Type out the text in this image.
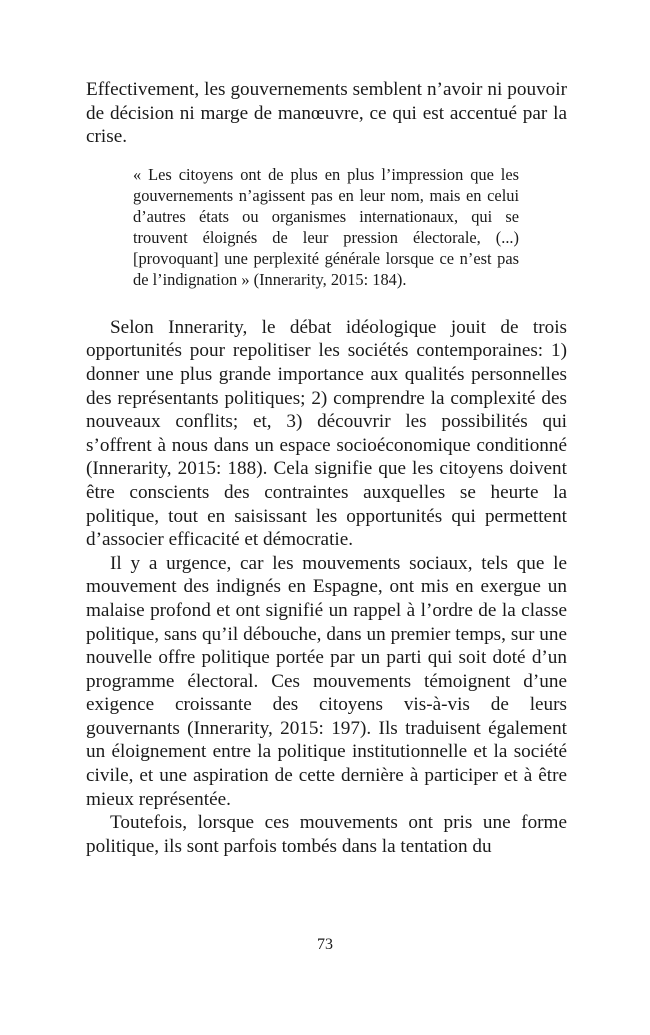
Effectivement, les gouvernements semblent n’avoir ni pouvoir de décision ni marge de manœuvre, ce qui est accentué par la crise.

« Les citoyens ont de plus en plus l’impression que les gouvernements n’agissent pas en leur nom, mais en celui d’autres états ou organismes internationaux, qui se trouvent éloignés de leur pression électorale, (...) [provoquant] une perplexité générale lorsque ce n’est pas de l’indignation » (Innerarity, 2015: 184).

Selon Innerarity, le débat idéologique jouit de trois opportunités pour repolitiser les sociétés contemporaines: 1) donner une plus grande importance aux qualités personnelles des représentants politiques; 2) comprendre la complexité des nouveaux conflits; et, 3) découvrir les possibilités qui s’offrent à nous dans un espace socioéconomique conditionné (Innerarity, 2015: 188). Cela signifie que les citoyens doivent être conscients des contraintes auxquelles se heurte la politique, tout en saisissant les opportunités qui permettent d’associer efficacité et démocratie.

Il y a urgence, car les mouvements sociaux, tels que le mouvement des indignés en Espagne, ont mis en exergue un malaise profond et ont signifié un rappel à l’ordre de la classe politique, sans qu’il débouche, dans un premier temps, sur une nouvelle offre politique portée par un parti qui soit doté d’un programme électoral. Ces mouvements témoignent d’une exigence croissante des citoyens vis-à-vis de leurs gouvernants (Innerarity, 2015: 197). Ils traduisent également un éloignement entre la politique institutionnelle et la société civile, et une aspiration de cette dernière à participer et à être mieux représentée.

Toutefois, lorsque ces mouvements ont pris une forme politique, ils sont parfois tombés dans la tentation du

73
